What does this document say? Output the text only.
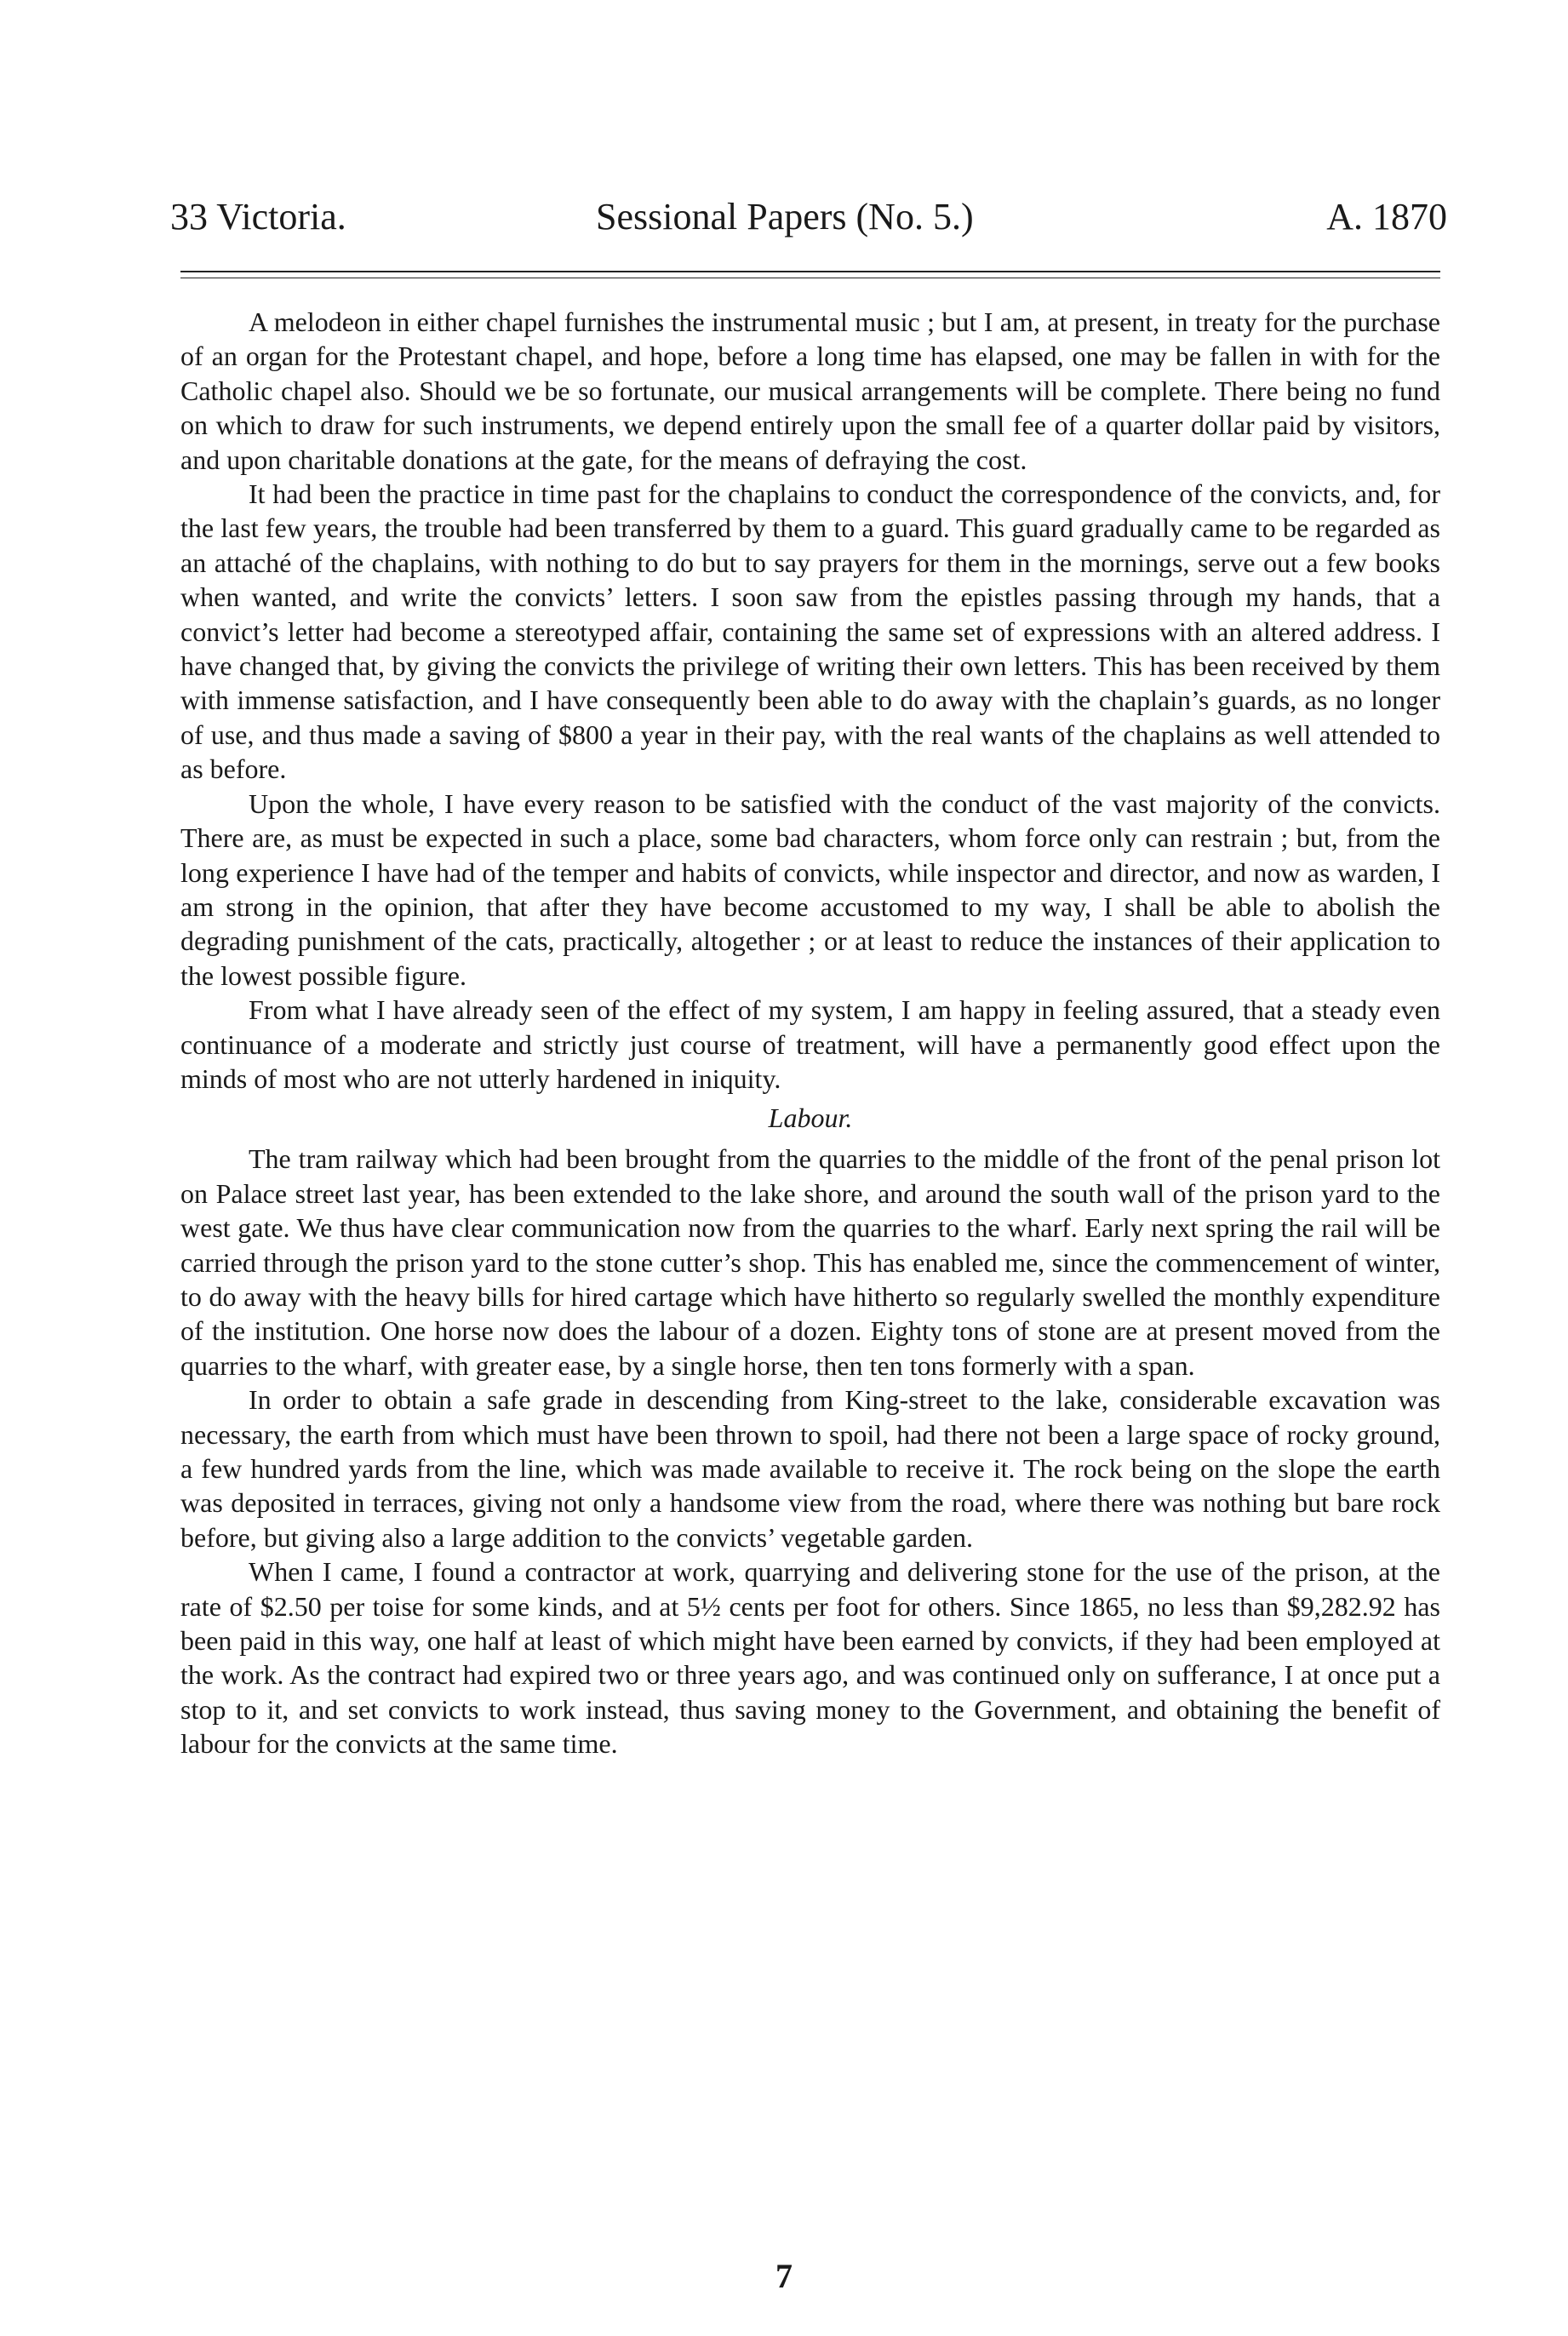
33 Victoria.	Sessional Papers (No. 5.)	A. 1870

A melodeon in either chapel furnishes the instrumental music ; but I am, at present, in treaty for the purchase of an organ for the Protestant chapel, and hope, before a long time has elapsed, one may be fallen in with for the Catholic chapel also. Should we be so fortunate, our musical arrangements will be complete. There being no fund on which to draw for such instruments, we depend entirely upon the small fee of a quarter dollar paid by visitors, and upon charitable donations at the gate, for the means of defraying the cost.

It had been the practice in time past for the chaplains to conduct the correspondence of the convicts, and, for the last few years, the trouble had been transferred by them to a guard. This guard gradually came to be regarded as an attaché of the chaplains, with nothing to do but to say prayers for them in the mornings, serve out a few books when wanted, and write the convicts’ letters. I soon saw from the epistles passing through my hands, that a convict’s letter had become a stereotyped affair, containing the same set of expressions with an altered address. I have changed that, by giving the convicts the privilege of writing their own letters. This has been received by them with immense satisfaction, and I have consequently been able to do away with the chaplain’s guards, as no longer of use, and thus made a saving of $800 a year in their pay, with the real wants of the chaplains as well attended to as before.

Upon the whole, I have every reason to be satisfied with the conduct of the vast majority of the convicts. There are, as must be expected in such a place, some bad characters, whom force only can restrain ; but, from the long experience I have had of the temper and habits of convicts, while inspector and director, and now as warden, I am strong in the opinion, that after they have become accustomed to my way, I shall be able to abolish the degrading punishment of the cats, practically, altogether ; or at least to reduce the instances of their application to the lowest possible figure.

From what I have already seen of the effect of my system, I am happy in feeling assured, that a steady even continuance of a moderate and strictly just course of treatment, will have a permanently good effect upon the minds of most who are not utterly hardened in iniquity.

Labour.

The tram railway which had been brought from the quarries to the middle of the front of the penal prison lot on Palace street last year, has been extended to the lake shore, and around the south wall of the prison yard to the west gate. We thus have clear communication now from the quarries to the wharf. Early next spring the rail will be carried through the prison yard to the stone cutter’s shop. This has enabled me, since the commencement of winter, to do away with the heavy bills for hired cartage which have hitherto so regularly swelled the monthly expenditure of the institution. One horse now does the labour of a dozen. Eighty tons of stone are at present moved from the quarries to the wharf, with greater ease, by a single horse, then ten tons formerly with a span.

In order to obtain a safe grade in descending from King-street to the lake, considerable excavation was necessary, the earth from which must have been thrown to spoil, had there not been a large space of rocky ground, a few hundred yards from the line, which was made available to receive it. The rock being on the slope the earth was deposited in terraces, giving not only a handsome view from the road, where there was nothing but bare rock before, but giving also a large addition to the convicts’ vegetable garden.

When I came, I found a contractor at work, quarrying and delivering stone for the use of the prison, at the rate of $2.50 per toise for some kinds, and at 5½ cents per foot for others. Since 1865, no less than $9,282.92 has been paid in this way, one half at least of which might have been earned by convicts, if they had been employed at the work. As the contract had expired two or three years ago, and was continued only on sufferance, I at once put a stop to it, and set convicts to work instead, thus saving money to the Government, and obtaining the benefit of labour for the convicts at the same time.

7
